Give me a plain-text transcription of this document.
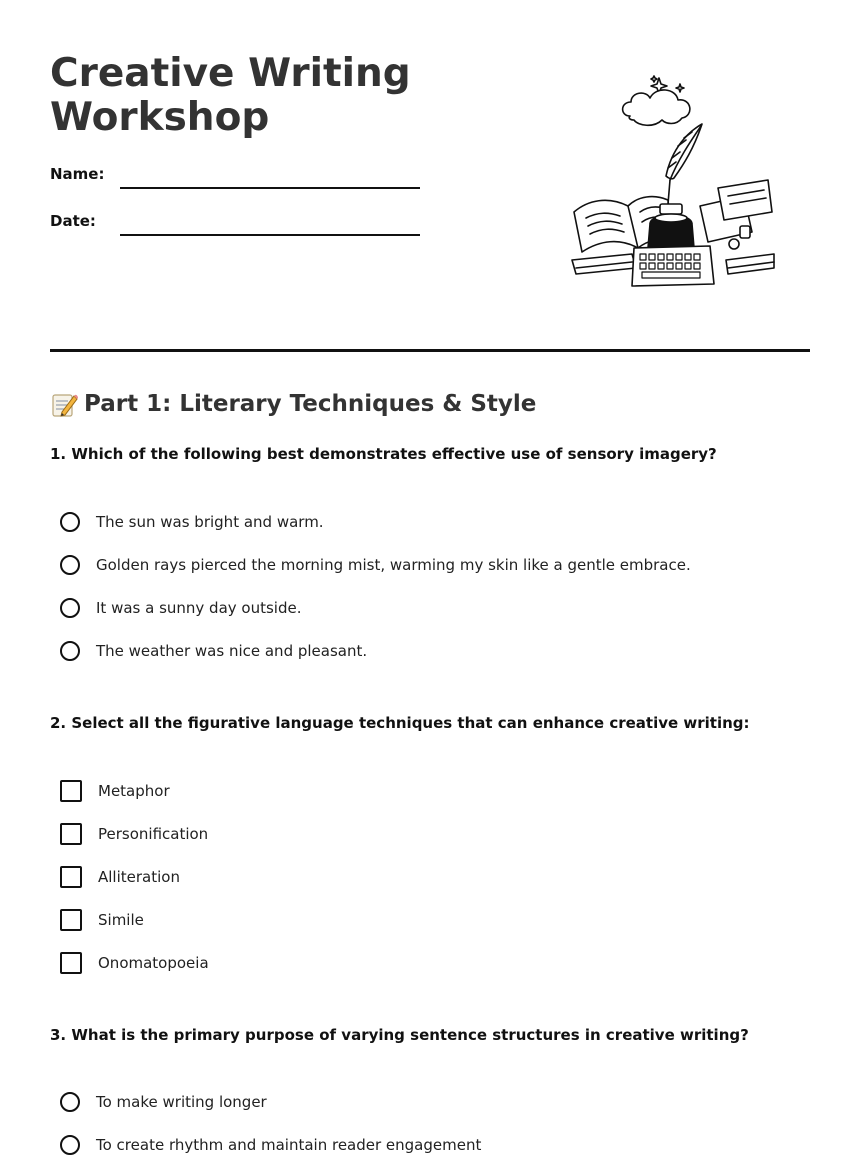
Creative Writing
Workshop
Name:
Date:
Part 1: Literary Techniques & Style

1. Which of the following best demonstrates effective use of sensory imagery?

The sun was bright and warm.
Golden rays pierced the morning mist, warming my skin like a gentle embrace.
It was a sunny day outside.
The weather was nice and pleasant.

2. Select all the figurative language techniques that can enhance creative writing:

Metaphor
Personification
Alliteration
Simile
Onomatopoeia

3. What is the primary purpose of varying sentence structures in creative writing?

To make writing longer
To create rhythm and maintain reader engagement
